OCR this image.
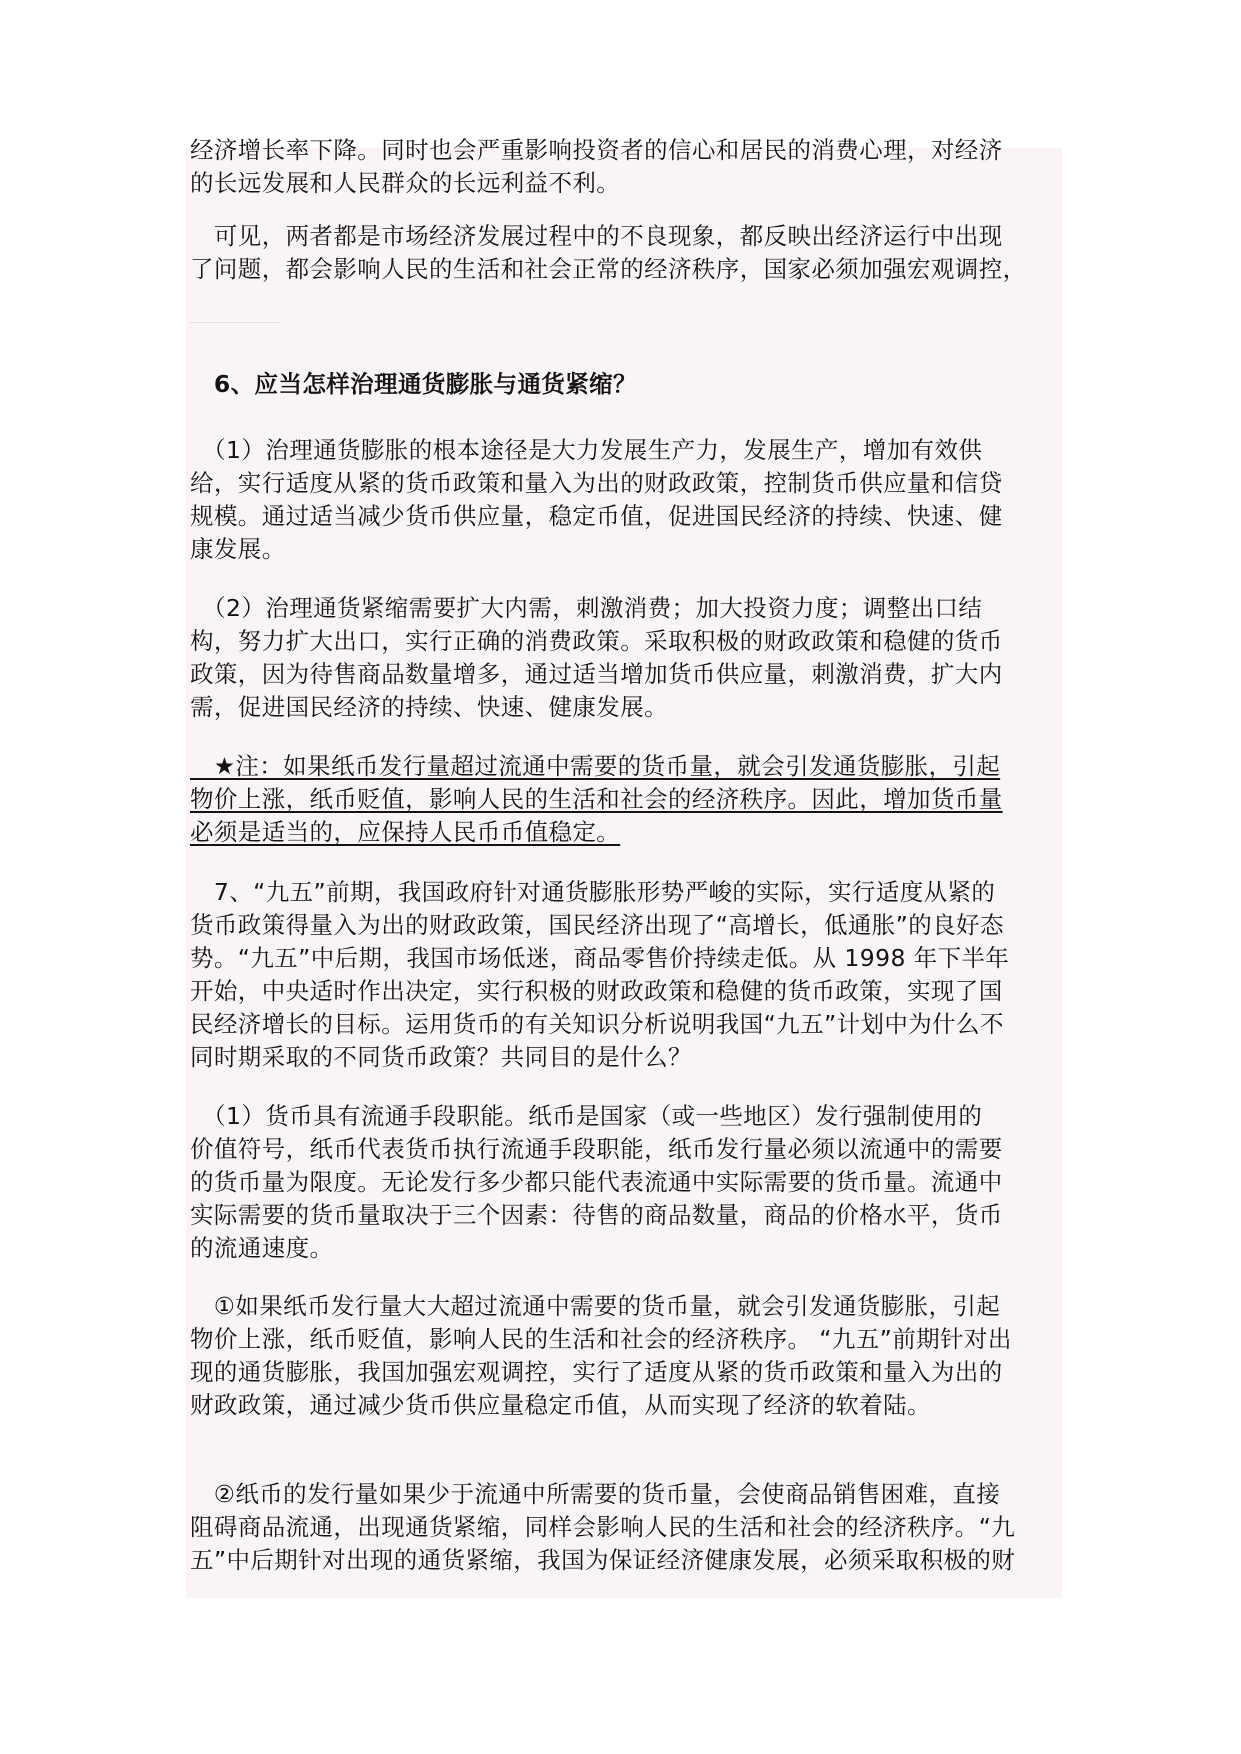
经济增长率下降。同时也会严重影响投资者的信心和居民的消费心理，对经济
的长远发展和人民群众的长远利益不利。
　可见，两者都是市场经济发展过程中的不良现象，都反映出经济运行中出现
了问题，都会影响人民的生活和社会正常的经济秩序，国家必须加强宏观调控，
　6、应当怎样治理通货膨胀与通货紧缩？
　（1）治理通货膨胀的根本途径是大力发展生产力，发展生产，增加有效供
给，实行适度从紧的货币政策和量入为出的财政政策，控制货币供应量和信贷
规模。通过适当减少货币供应量，稳定币值，促进国民经济的持续、快速、健
康发展。
　（2）治理通货紧缩需要扩大内需，刺激消费；加大投资力度；调整出口结
构，努力扩大出口，实行正确的消费政策。采取积极的财政政策和稳健的货币
政策，因为待售商品数量增多，通过适当增加货币供应量，刺激消费，扩大内
需，促进国民经济的持续、快速、健康发展。
　★注：如果纸币发行量超过流通中需要的货币量，就会引发通货膨胀，引起
物价上涨，纸币贬值，影响人民的生活和社会的经济秩序。因此，增加货币量
必须是适当的，应保持人民币币值稳定。
　7、“九五”前期，我国政府针对通货膨胀形势严峻的实际，实行适度从紧的
货币政策得量入为出的财政政策，国民经济出现了“高增长，低通胀”的良好态
势。“九五”中后期，我国市场低迷，商品零售价持续走低。从 1998 年下半年
开始，中央适时作出决定，实行积极的财政政策和稳健的货币政策，实现了国
民经济增长的目标。运用货币的有关知识分析说明我国“九五”计划中为什么不
同时期采取的不同货币政策？共同目的是什么？
　（1）货币具有流通手段职能。纸币是国家（或一些地区）发行强制使用的
价值符号，纸币代表货币执行流通手段职能，纸币发行量必须以流通中的需要
的货币量为限度。无论发行多少都只能代表流通中实际需要的货币量。流通中
实际需要的货币量取决于三个因素：待售的商品数量，商品的价格水平，货币
的流通速度。
　①如果纸币发行量大大超过流通中需要的货币量，就会引发通货膨胀，引起
物价上涨，纸币贬值，影响人民的生活和社会的经济秩序。 “九五”前期针对出
现的通货膨胀，我国加强宏观调控，实行了适度从紧的货币政策和量入为出的
财政政策，通过减少货币供应量稳定币值，从而实现了经济的软着陆。
　②纸币的发行量如果少于流通中所需要的货币量，会使商品销售困难，直接
阻碍商品流通，出现通货紧缩，同样会影响人民的生活和社会的经济秩序。“九
五”中后期针对出现的通货紧缩，我国为保证经济健康发展，必须采取积极的财
